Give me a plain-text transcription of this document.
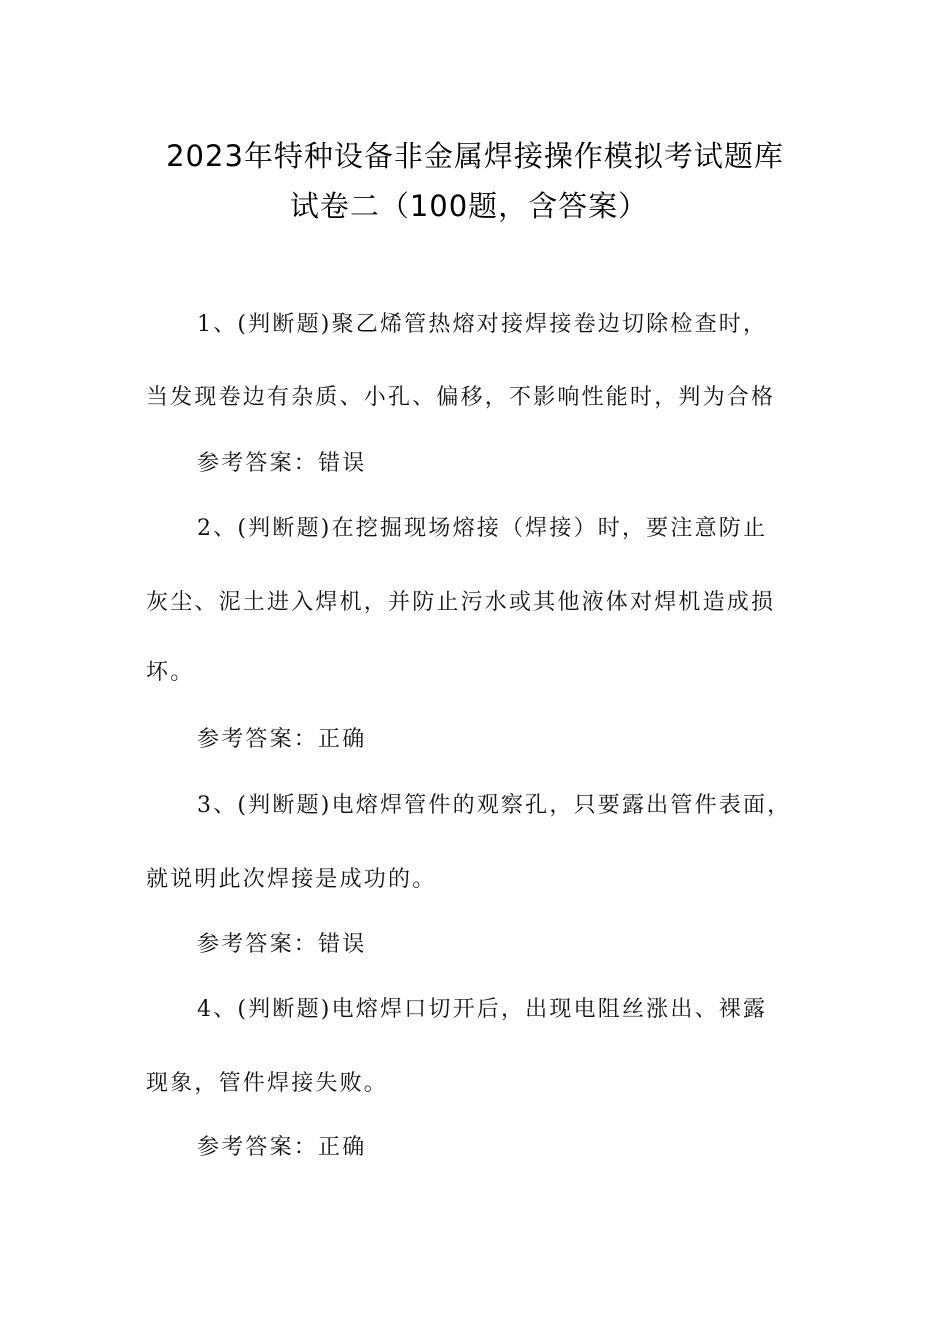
2023年特种设备非金属焊接操作模拟考试题库
试卷二（100题，含答案）
1、(判断题)聚乙烯管热熔对接焊接卷边切除检查时，
当发现卷边有杂质、小孔、偏移，不影响性能时，判为合格
参考答案：错误
2、(判断题)在挖掘现场熔接（焊接）时，要注意防止
灰尘、泥土进入焊机，并防止污水或其他液体对焊机造成损
坏。
参考答案：正确
3、(判断题)电熔焊管件的观察孔，只要露出管件表面，
就说明此次焊接是成功的。
参考答案：错误
4、(判断题)电熔焊口切开后，出现电阻丝涨出、裸露
现象，管件焊接失败。
参考答案：正确
